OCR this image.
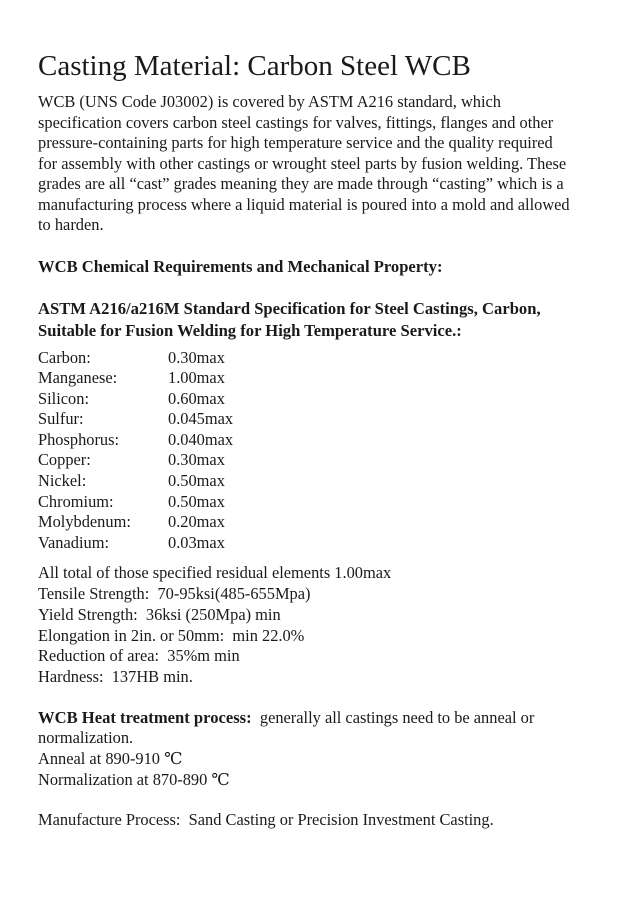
Casting Material: Carbon Steel WCB
WCB (UNS Code J03002) is covered by ASTM A216 standard, which
specification covers carbon steel castings for valves, fittings, flanges and other
pressure-containing parts for high temperature service and the quality required
for assembly with other castings or wrought steel parts by fusion welding. These
grades are all “cast” grades meaning they are made through “casting” which is a
manufacturing process where a liquid material is poured into a mold and allowed
to harden.
WCB Chemical Requirements and Mechanical Property:
ASTM A216/a216M Standard Specification for Steel Castings, Carbon,
Suitable for Fusion Welding for High Temperature Service.:
Carbon:	0.30max
Manganese:	1.00max
Silicon:	0.60max
Sulfur:	0.045max
Phosphorus:	0.040max
Copper:	0.30max
Nickel:	0.50max
Chromium:	0.50max
Molybdenum:	0.20max
Vanadium:	0.03max
All total of those specified residual elements 1.00max
Tensile Strength:  70-95ksi(485-655Mpa)
Yield Strength:  36ksi (250Mpa) min
Elongation in 2in. or 50mm:  min 22.0%
Reduction of area:  35%m min
Hardness:  137HB min.
WCB Heat treatment process:  generally all castings need to be anneal or
normalization.
Anneal at 890-910 ℃
Normalization at 870-890 ℃
Manufacture Process:  Sand Casting or Precision Investment Casting.
